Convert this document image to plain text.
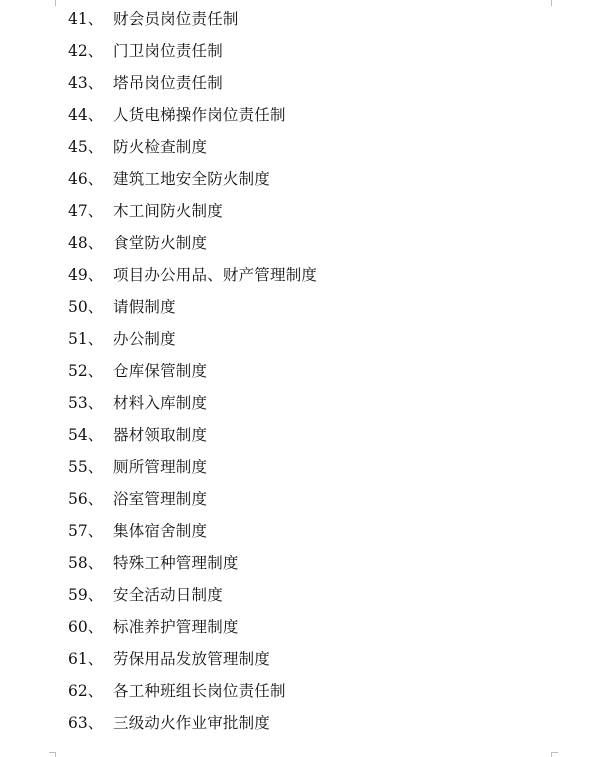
41、 财会员岗位责任制
42、 门卫岗位责任制
43、 塔吊岗位责任制
44、 人货电梯操作岗位责任制
45、 防火检查制度
46、 建筑工地安全防火制度
47、 木工间防火制度
48、 食堂防火制度
49、 项目办公用品、财产管理制度
50、 请假制度
51、 办公制度
52、 仓库保管制度
53、 材料入库制度
54、 器材领取制度
55、 厕所管理制度
56、 浴室管理制度
57、 集体宿舍制度
58、 特殊工种管理制度
59、 安全活动日制度
60、 标准养护管理制度
61、 劳保用品发放管理制度
62、 各工种班组长岗位责任制
63、 三级动火作业审批制度
